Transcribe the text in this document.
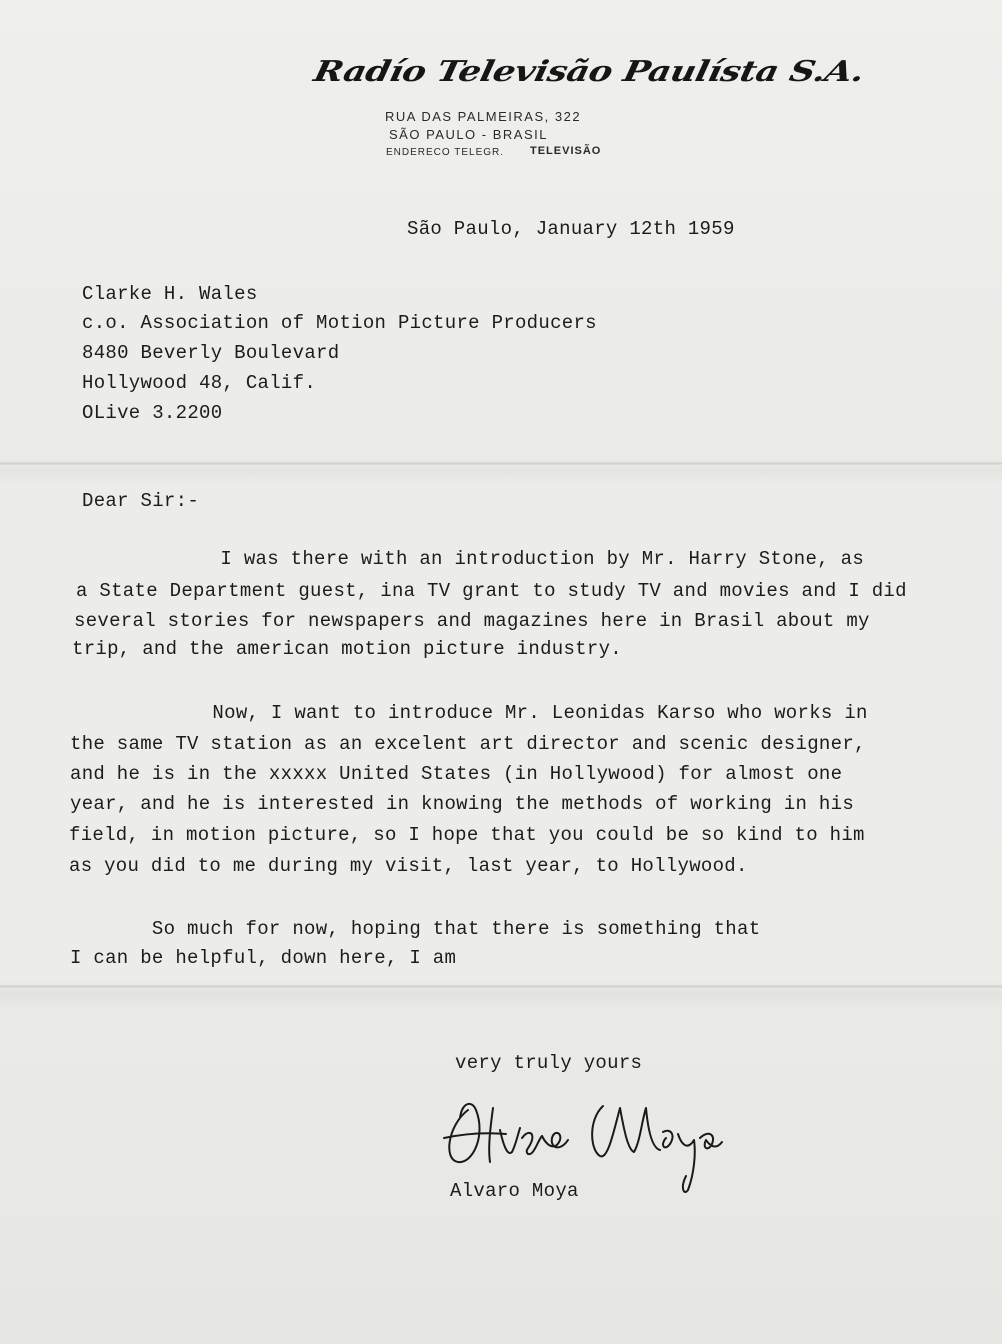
Radío Televisão Paulísta S.A.
RUA DAS PALMEIRAS, 322
SÃO PAULO - BRASIL
ENDERECO TELEGR. TELEVISÃO
São Paulo, January 12th 1959
Clarke H. Wales
c.o. Association of Motion Picture Producers
8480 Beverly Boulevard
Hollywood 48, Calif.
OLive 3.2200
Dear Sir:-
I was there with an introduction by Mr. Harry Stone, as
a State Department guest, ina TV grant to study TV and movies and I did
several stories for newspapers and magazines here in Brasil about my
trip, and the american motion picture industry.
Now, I want to introduce Mr. Leonidas Karso who works in
the same TV station as an excelent art director and scenic designer,
and he is in the xxxxx United States (in Hollywood) for almost one
year, and he is interested in knowing the methods of working in his
field, in motion picture, so I hope that you could be so kind to him
as you did to me during my visit, last year, to Hollywood.
So much for now, hoping that there is something that
I can be helpful, down here, I am
very truly yours
Alvaro Moya
